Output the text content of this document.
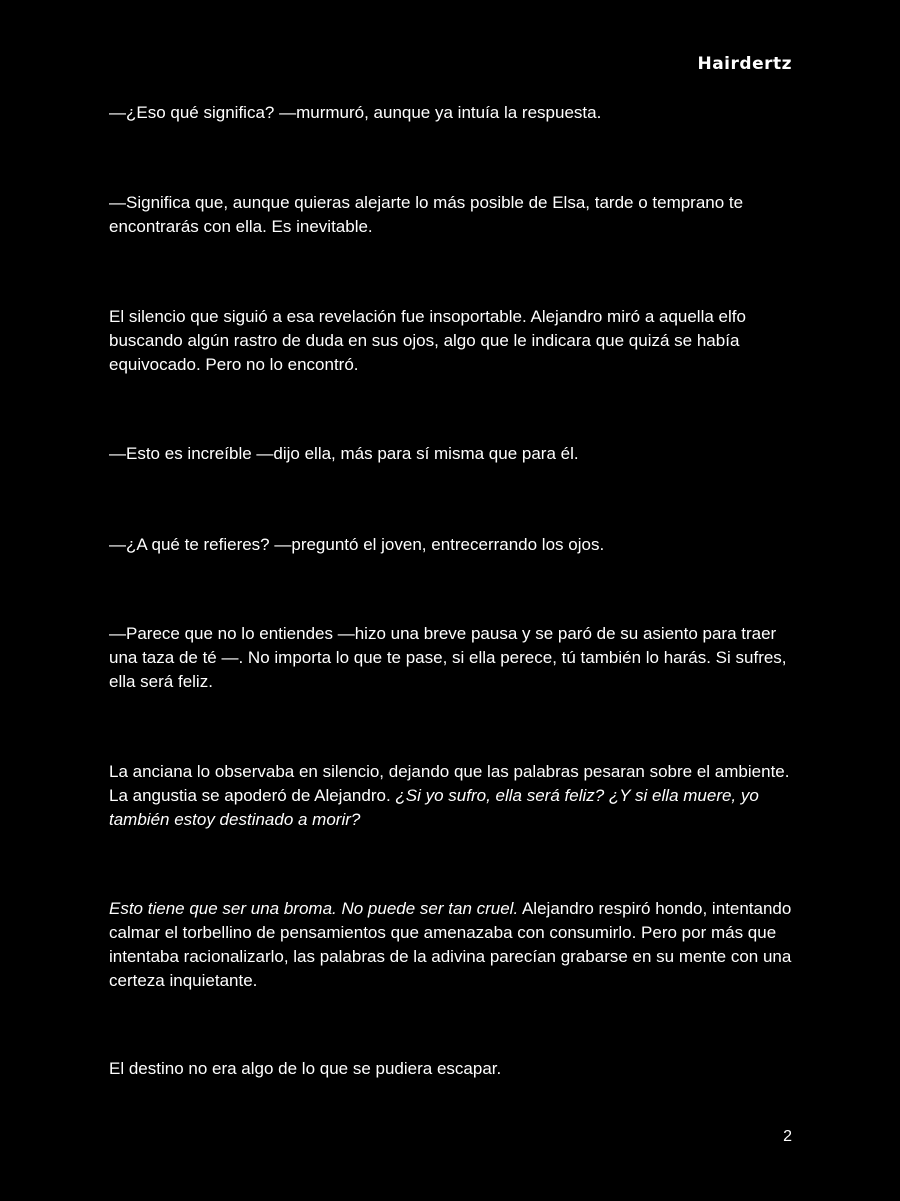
Hairdertz

—¿Eso qué significa? —murmuró, aunque ya intuía la respuesta.

—Significa que, aunque quieras alejarte lo más posible de Elsa, tarde o temprano te encontrarás con ella. Es inevitable.

El silencio que siguió a esa revelación fue insoportable. Alejandro miró a aquella elfo buscando algún rastro de duda en sus ojos, algo que le indicara que quizá se había equivocado. Pero no lo encontró.

—Esto es increíble —dijo ella, más para sí misma que para él.

—¿A qué te refieres? —preguntó el joven, entrecerrando los ojos.

—Parece que no lo entiendes —hizo una breve pausa y se paró de su asiento para traer una taza de té —. No importa lo que te pase, si ella perece, tú también lo harás. Si sufres, ella será feliz.

La anciana lo observaba en silencio, dejando que las palabras pesaran sobre el ambiente. La angustia se apoderó de Alejandro. ¿Si yo sufro, ella será feliz? ¿Y si ella muere, yo también estoy destinado a morir?

Esto tiene que ser una broma. No puede ser tan cruel. Alejandro respiró hondo, intentando calmar el torbellino de pensamientos que amenazaba con consumirlo. Pero por más que intentaba racionalizarlo, las palabras de la adivina parecían grabarse en su mente con una certeza inquietante.

El destino no era algo de lo que se pudiera escapar.

2
